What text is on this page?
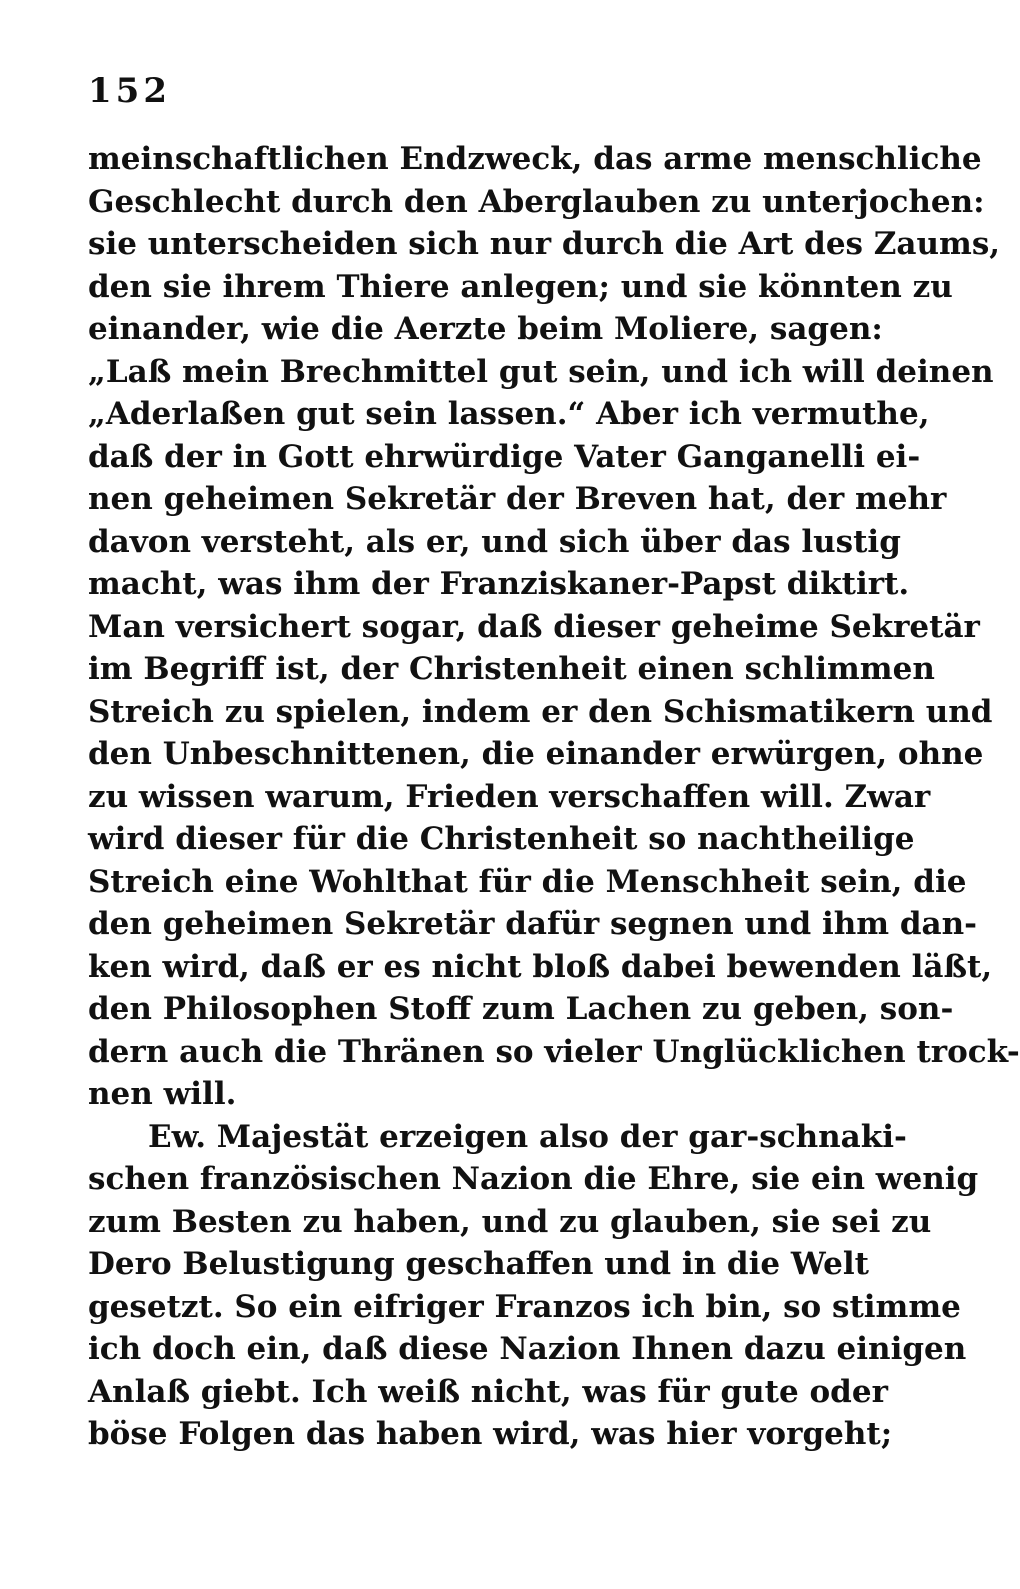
152
meinschaftlichen Endzweck, das arme menschliche
Geschlecht durch den Aberglauben zu unterjochen:
sie unterscheiden sich nur durch die Art des Zaums,
den sie ihrem Thiere anlegen; und sie könnten zu
einander, wie die Aerzte beim Moliere, sagen:
„Laß mein Brechmittel gut sein, und ich will deinen
„Aderlaßen gut sein lassen.“ Aber ich vermuthe,
daß der in Gott ehrwürdige Vater Ganganelli ei-
nen geheimen Sekretär der Breven hat, der mehr
davon versteht, als er, und sich über das lustig
macht, was ihm der Franziskaner-Papst diktirt.
Man versichert sogar, daß dieser geheime Sekretär
im Begriff ist, der Christenheit einen schlimmen
Streich zu spielen, indem er den Schismatikern und
den Unbeschnittenen, die einander erwürgen, ohne
zu wissen warum, Frieden verschaffen will. Zwar
wird dieser für die Christenheit so nachtheilige
Streich eine Wohlthat für die Menschheit sein, die
den geheimen Sekretär dafür segnen und ihm dan-
ken wird, daß er es nicht bloß dabei bewenden läßt,
den Philosophen Stoff zum Lachen zu geben, son-
dern auch die Thränen so vieler Unglücklichen trock-
nen will.
Ew. Majestät erzeigen also der gar-schnaki-
schen französischen Nazion die Ehre, sie ein wenig
zum Besten zu haben, und zu glauben, sie sei zu
Dero Belustigung geschaffen und in die Welt
gesetzt. So ein eifriger Franzos ich bin, so stimme
ich doch ein, daß diese Nazion Ihnen dazu einigen
Anlaß giebt. Ich weiß nicht, was für gute oder
böse Folgen das haben wird, was hier vorgeht;
